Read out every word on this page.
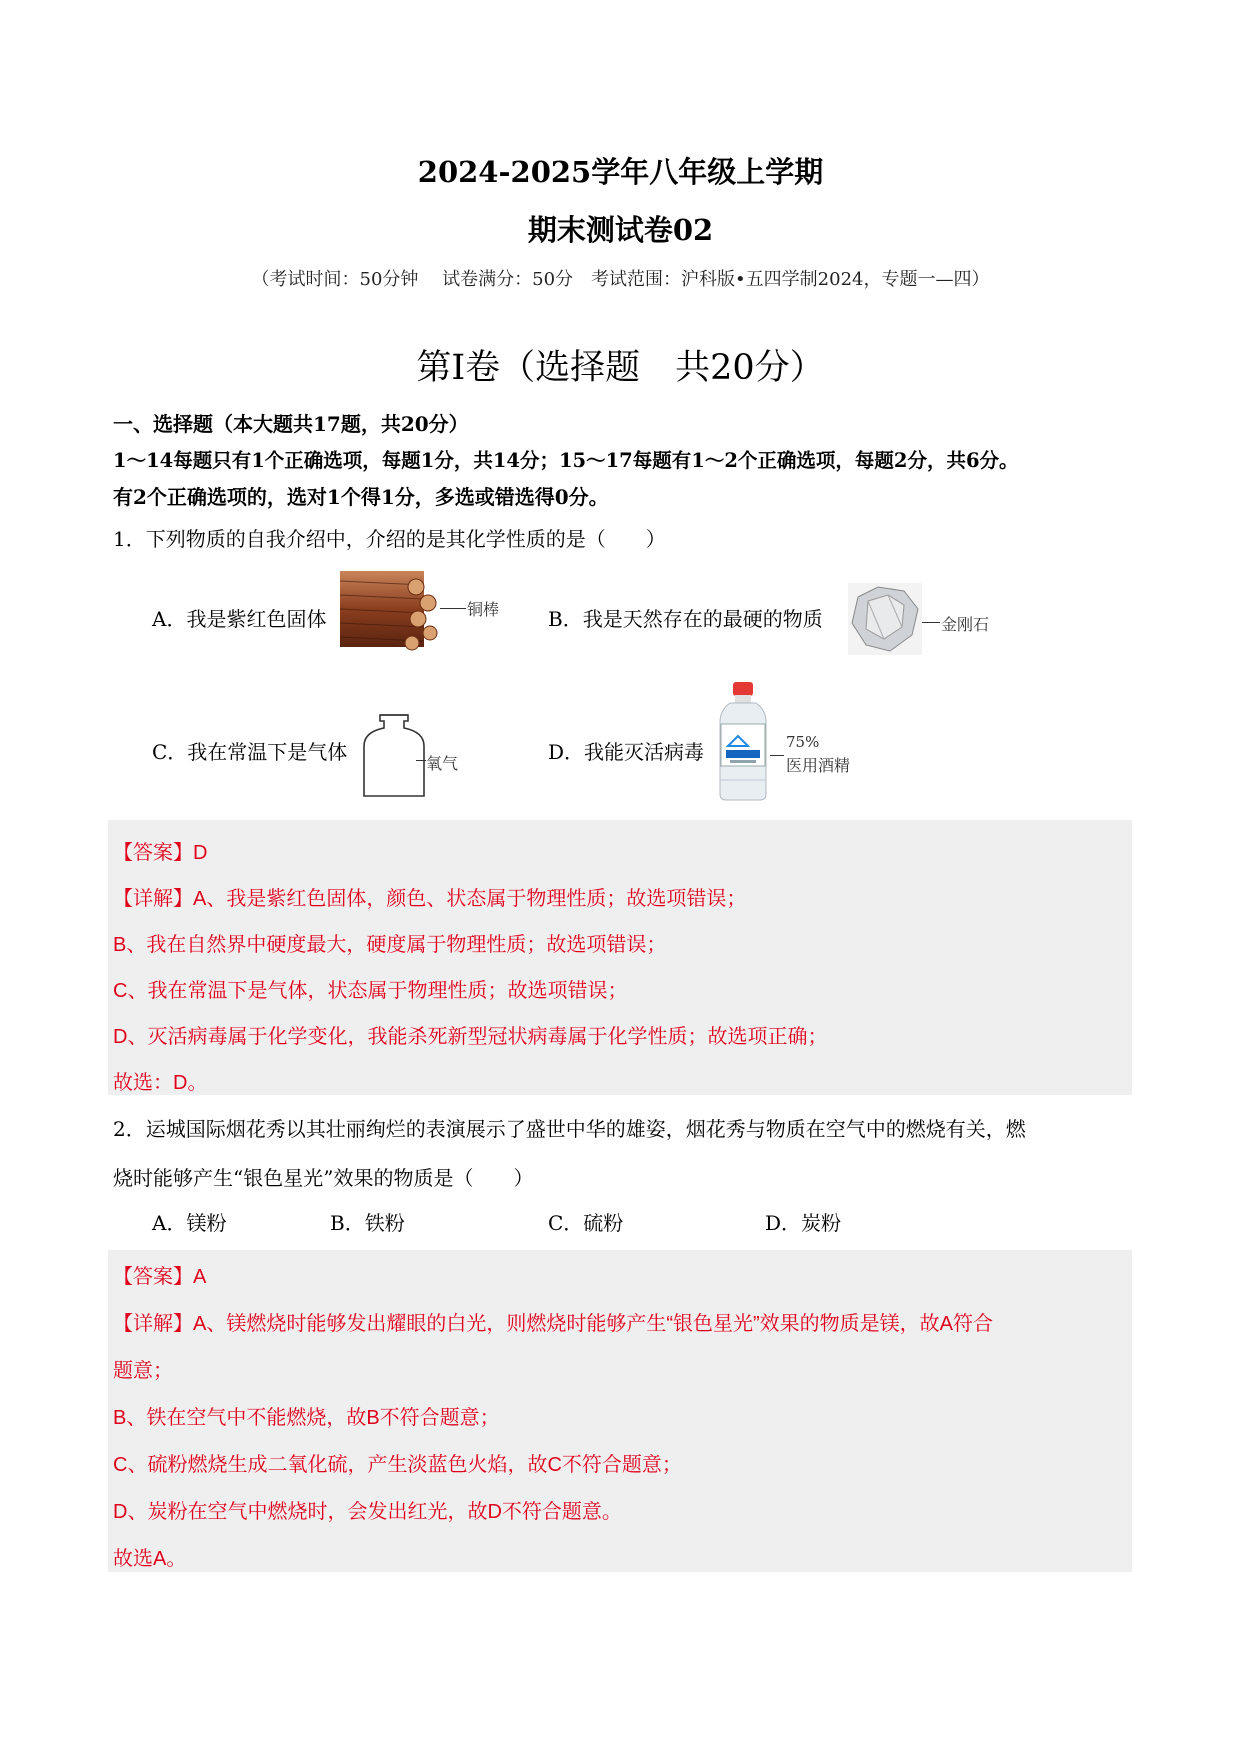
2024-2025学年八年级上学期
期末测试卷02
（考试时间：50分钟　 试卷满分：50分　考试范围：沪科版•五四学制2024，专题一—四）
第Ⅰ卷（选择题　共20分）
一、选择题（本大题共17题，共20分）
1～14每题只有1个正确选项，每题1分，共14分；15～17每题有1～2个正确选项，每题2分，共6分。
有2个正确选项的，选对1个得1分，多选或错选得0分。
1．下列物质的自我介绍中，介绍的是其化学性质的是（　　）
A．我是紫红色固体	铜棒 B．我是天然存在的最硬的物质	金刚石
C．我在常温下是气体	氧气	D．我能灭活病毒	75%
医用酒精
【答案】D
【详解】A、我是紫红色固体，颜色、状态属于物理性质；故选项错误；
B、我在自然界中硬度最大，硬度属于物理性质；故选项错误；
C、我在常温下是气体，状态属于物理性质；故选项错误；
D、灭活病毒属于化学变化，我能杀死新型冠状病毒属于化学性质；故选项正确；
故选：D。
2．运城国际烟花秀以其壮丽绚烂的表演展示了盛世中华的雄姿，烟花秀与物质在空气中的燃烧有关，燃
烧时能够产生“银色星光”效果的物质是（　　）
A．镁粉	B．铁粉	C．硫粉	D．炭粉
【答案】A
【详解】A、镁燃烧时能够发出耀眼的白光，则燃烧时能够产生“银色星光”效果的物质是镁，故A符合
题意；
B、铁在空气中不能燃烧，故B不符合题意；
C、硫粉燃烧生成二氧化硫，产生淡蓝色火焰，故C不符合题意；
D、炭粉在空气中燃烧时，会发出红光，故D不符合题意。
故选A。
